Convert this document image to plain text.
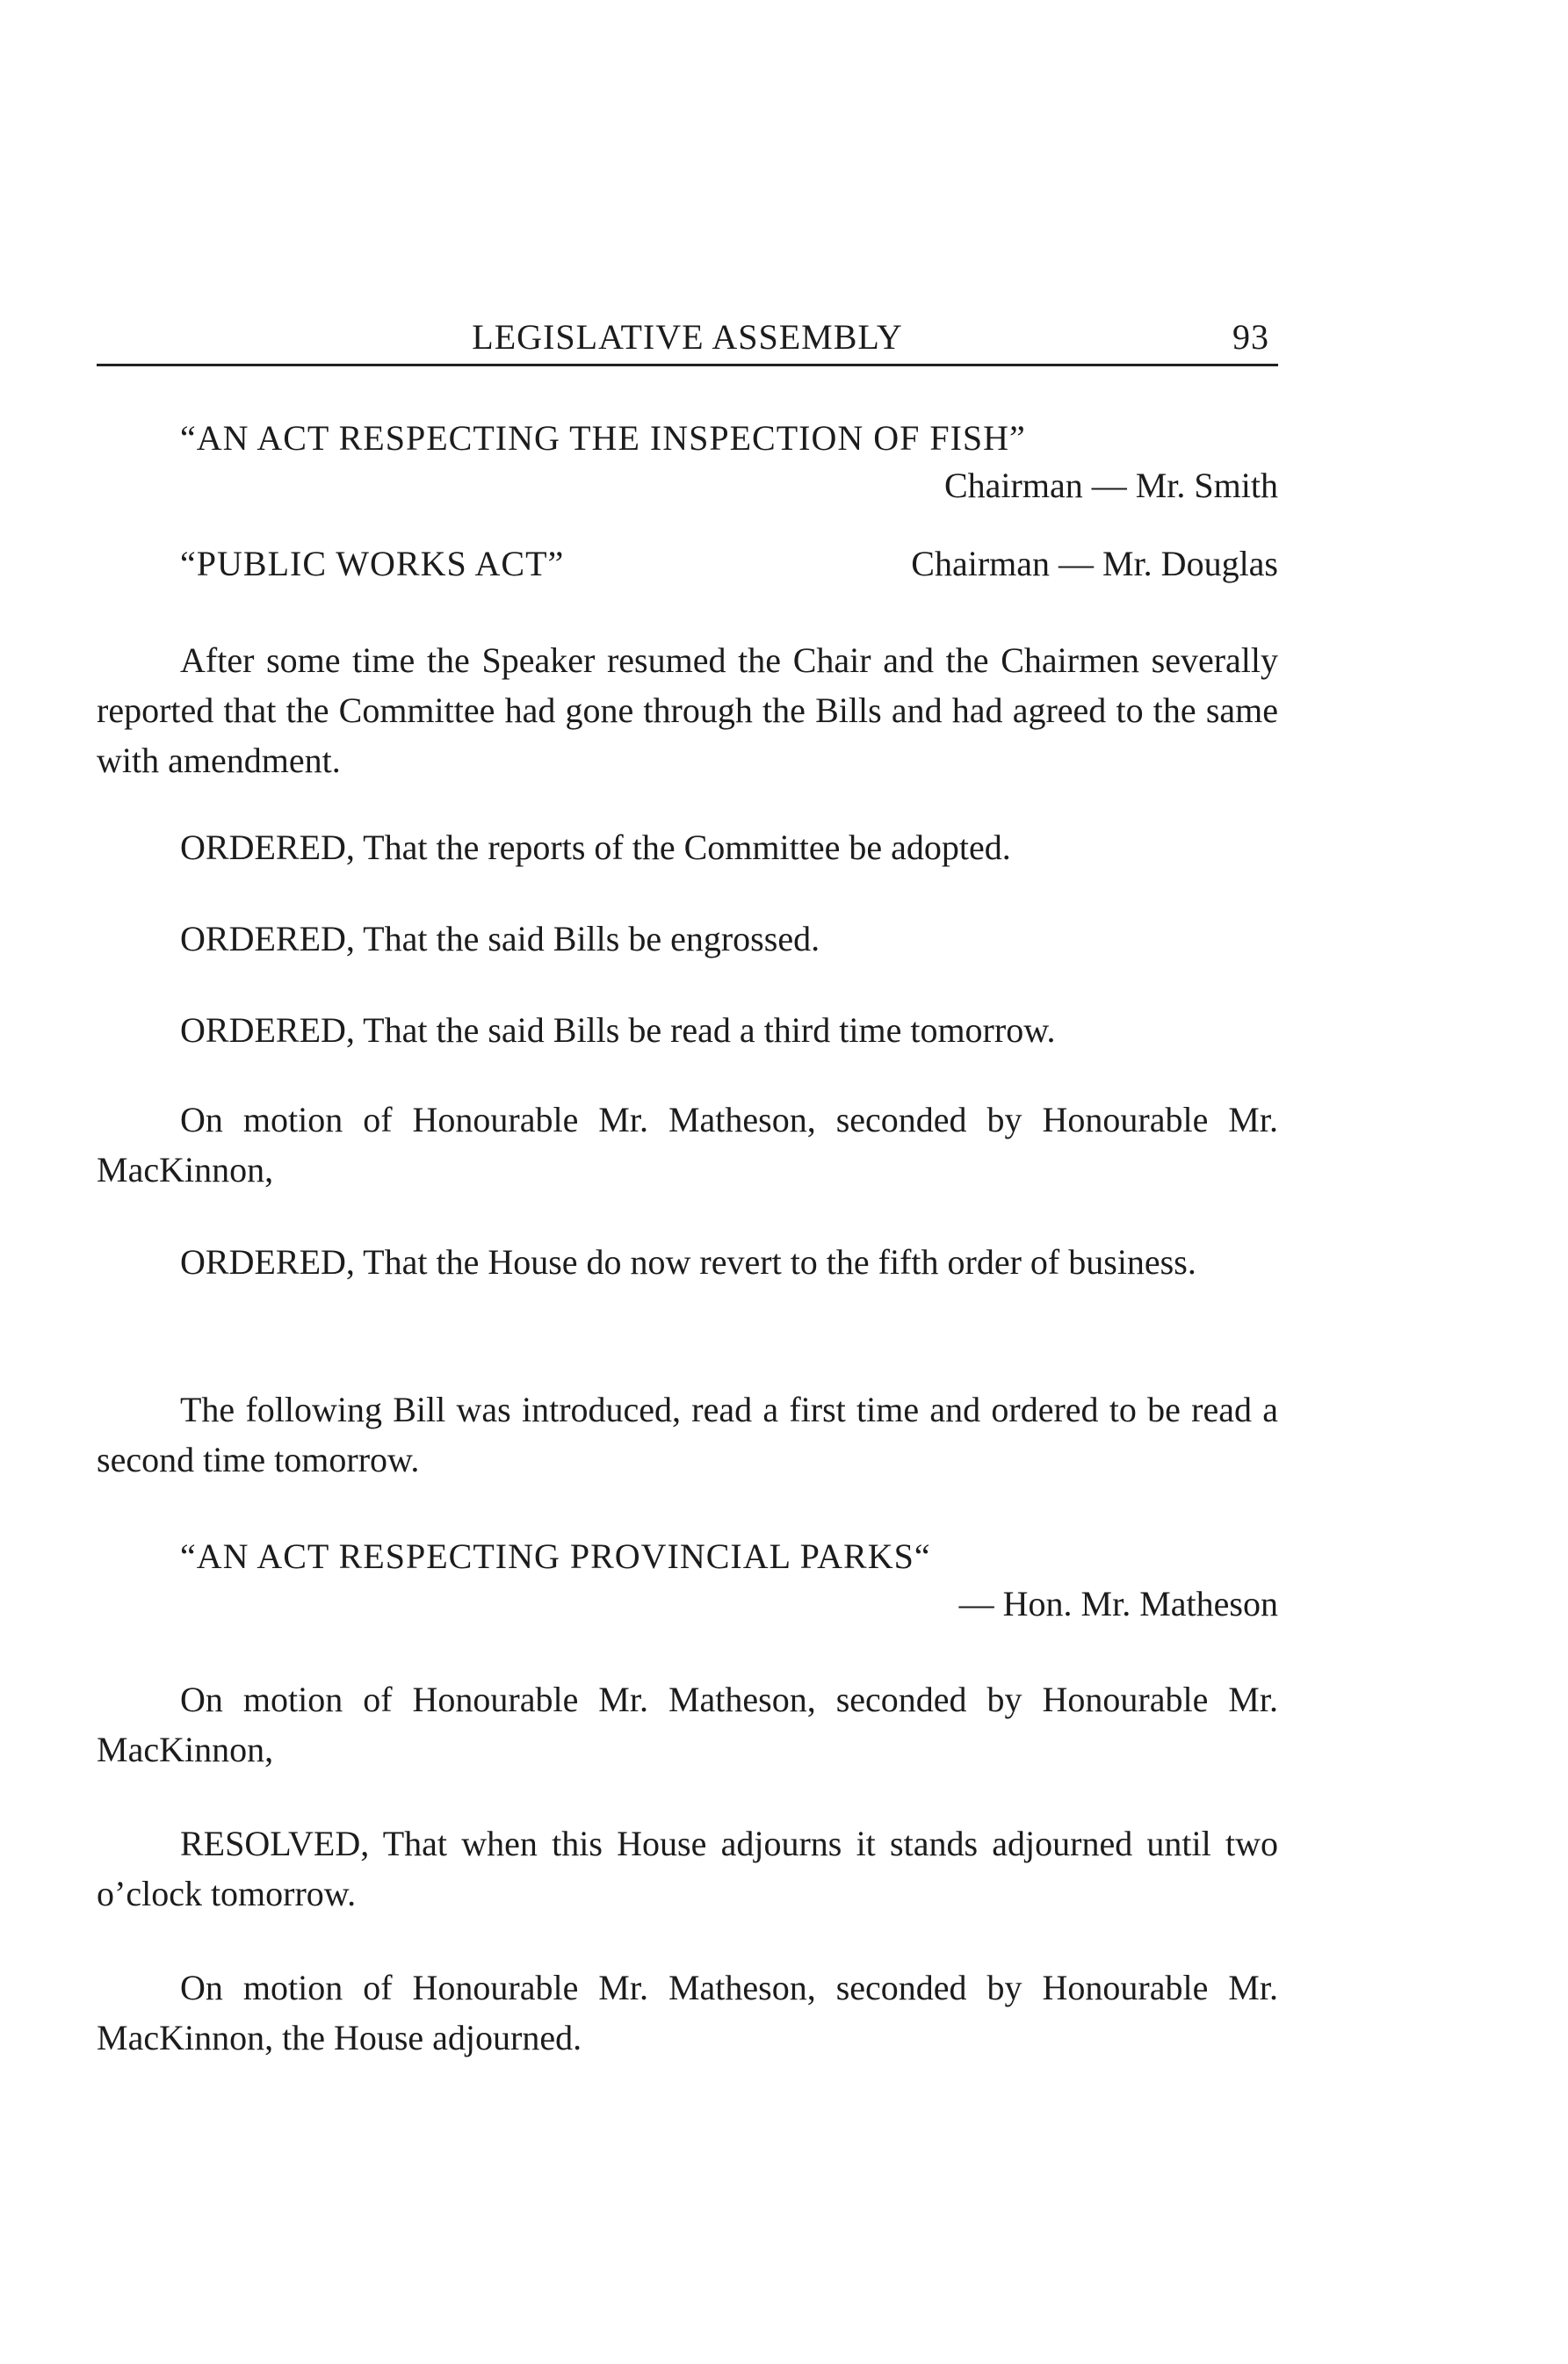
LEGISLATIVE ASSEMBLY	93
“AN ACT RESPECTING THE INSPECTION OF FISH”
Chairman — Mr. Smith
“PUBLIC WORKS ACT”	Chairman — Mr. Douglas

After some time the Speaker resumed the Chair and the Chairmen severally reported that the Committee had gone through the Bills and had agreed to the same with amendment.

ORDERED, That the reports of the Committee be adopted.

ORDERED, That the said Bills be engrossed.

ORDERED, That the said Bills be read a third time tomorrow.

On motion of Honourable Mr. Matheson, seconded by Honourable Mr. MacKinnon,

ORDERED, That the House do now revert to the fifth order of business.

The following Bill was introduced, read a first time and ordered to be read a second time tomorrow.

“AN ACT RESPECTING PROVINCIAL PARKS“
— Hon. Mr. Matheson

On motion of Honourable Mr. Matheson, seconded by Honourable Mr. MacKinnon,

RESOLVED, That when this House adjourns it stands adjourned until two o’clock tomorrow.

On motion of Honourable Mr. Matheson, seconded by Honourable Mr. MacKinnon, the House adjourned.
